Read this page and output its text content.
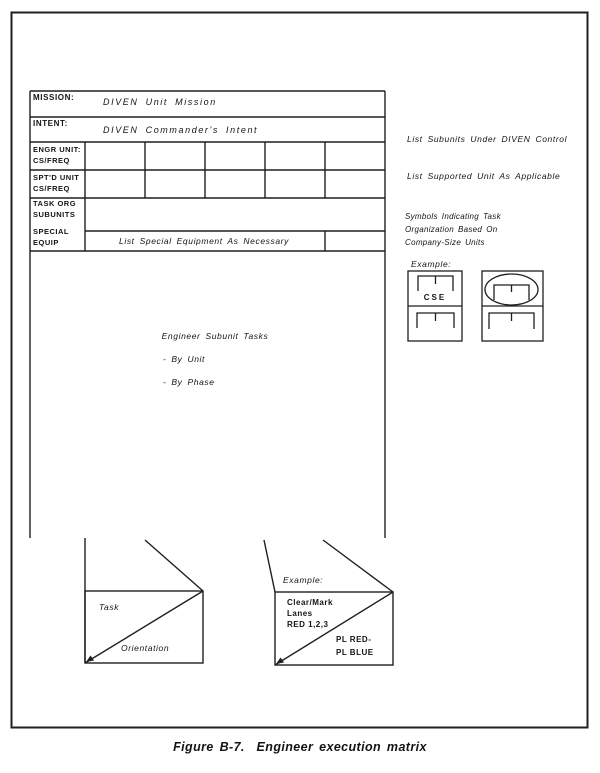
MISSION:	DIVEN Unit Mission
INTENT:
DIVEN Commander's Intent
ENGR UNIT:
CS/FREQ
SPT'D UNIT
CS/FREQ
TASK ORG
SUBUNITS
SPECIAL
EQUIP	List Special Equipment As Necessary
List Subunits Under DIVEN Control
List Supported Unit As Applicable
Symbols Indicating Task
Organization Based On
Company-Size Units
Example:
CSE
Engineer Subunit Tasks
- By Unit
- By Phase
Task
Orientation
Example:
Clear/Mark
Lanes
RED 1,2,3
PL RED-
PL BLUE
Figure B-7.  Engineer execution matrix
